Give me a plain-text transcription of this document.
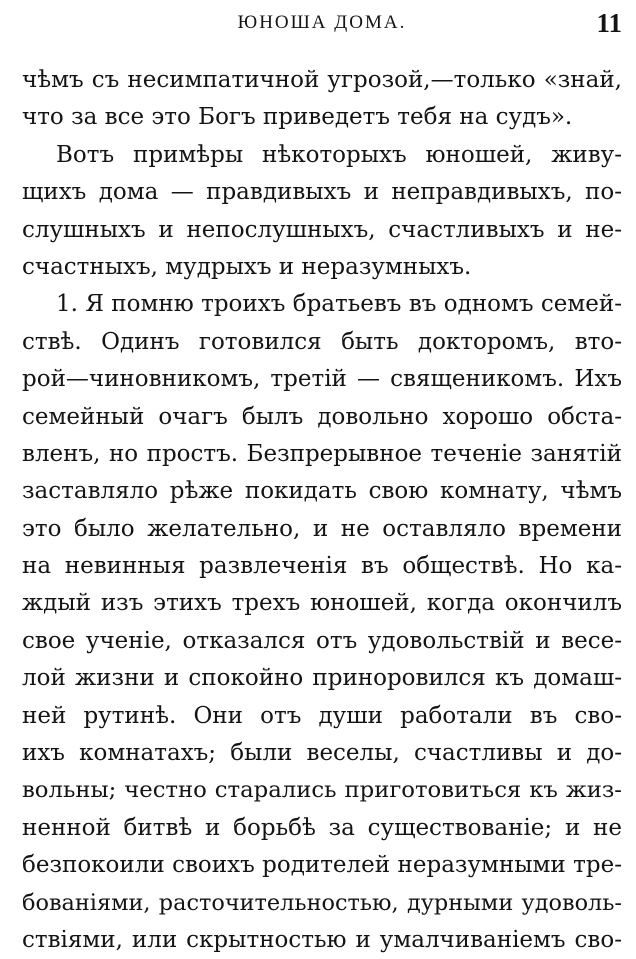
ЮНОША ДОМА.	11
чѣмъ съ несимпатичной угрозой,—только «знай,
что за все это Богъ приведетъ тебя на судъ».
Вотъ примѣры нѣкоторыхъ юношей, живу-
щихъ дома — правдивыхъ и неправдивыхъ, по-
слушныхъ и непослушныхъ, счастливыхъ и не-
счастныхъ, мудрыхъ и неразумныхъ.
1. Я помню троихъ братьевъ въ одномъ семей-
ствѣ. Одинъ готовился быть докторомъ, вто-
рой—чиновникомъ, третій — священикомъ. Ихъ
семейный очагъ былъ довольно хорошо обста-
вленъ, но простъ. Безпрерывное теченіе занятій
заставляло рѣже покидать свою комнату, чѣмъ
это было желательно, и не оставляло времени
на невинныя развлеченія въ обществѣ. Но ка-
ждый изъ этихъ трехъ юношей, когда окончилъ
свое ученіе, отказался отъ удовольствій и весе-
лой жизни и спокойно приноровился къ домаш-
ней рутинѣ. Они отъ души работали въ сво-
ихъ комнатахъ; были веселы, счастливы и до-
вольны; честно старались приготовиться къ жиз-
ненной битвѣ и борьбѣ за существованіе; и не
безпокоили своихъ родителей неразумными тре-
бованіями, расточительностью, дурными удоволь-
ствіями, или скрытностью и умалчиваніемъ сво-
